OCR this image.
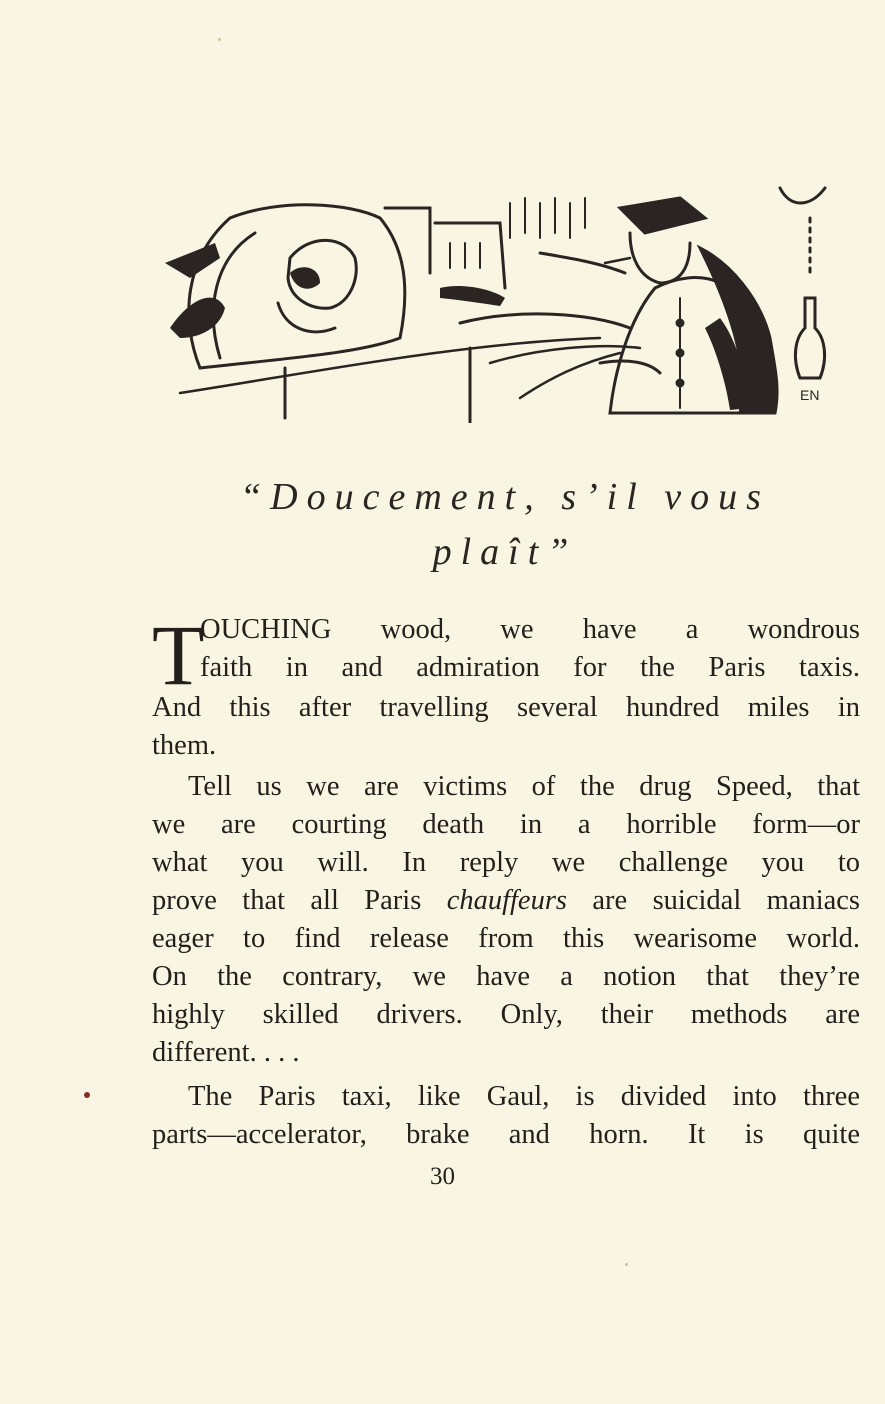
EN
“Doucement, s’il vous
plaît”
T
OUCHING wood, we have a wondrous
faith in and admiration for the Paris taxis.
And this after travelling several hundred miles in
them.
Tell us we are victims of the drug Speed, that
we are courting death in a horrible form—or
what you will. In reply we challenge you to
prove that all Paris chauffeurs are suicidal maniacs
eager to find release from this wearisome world.
On the contrary, we have a notion that they’re
highly skilled drivers. Only, their methods are
different. . . .
The Paris taxi, like Gaul, is divided into three
parts—accelerator, brake and horn. It is quite
30
